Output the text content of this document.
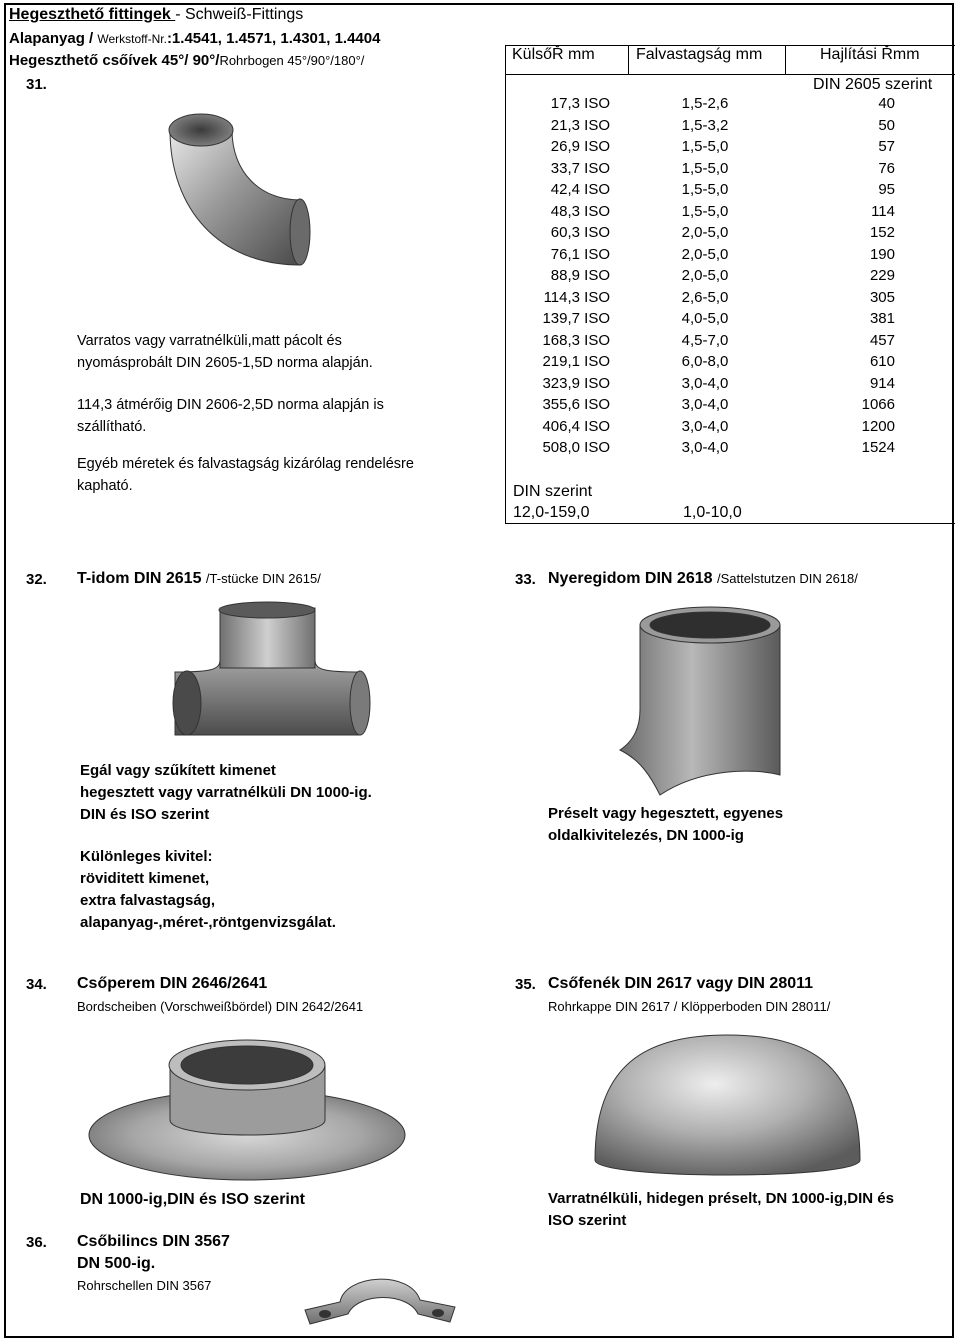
Hegeszthető fittingek - Schweiß-Fittings
Alapanyag / Werkstoff-Nr.:1.4541, 1.4571, 1.4301, 1.4404
Hegeszthető csőívek 45°/ 90°/Rohrbogen 45°/90°/180°/
31.
Varratos vagy varratnélküli,matt pácolt és
nyomásprobált DIN 2605-1,5D norma alapján.
114,3 átmérőig DIN 2606-2,5D norma alapján is
szállítható.
Egyéb méretek és falvastagság kizárólag rendelésre
kapható.
KülsőŘ mm	Falvastagság mm	Hajlítási Řmm
DIN 2605 szerint
17,3 ISO	1,5-2,6	40
21,3 ISO	1,5-3,2	50
26,9 ISO	1,5-5,0	57
33,7 ISO	1,5-5,0	76
42,4 ISO	1,5-5,0	95
48,3 ISO	1,5-5,0	114
60,3 ISO	2,0-5,0	152
76,1 ISO	2,0-5,0	190
88,9 ISO	2,0-5,0	229
114,3 ISO	2,6-5,0	305
139,7 ISO	4,0-5,0	381
168,3 ISO	4,5-7,0	457
219,1 ISO	6,0-8,0	610
323,9 ISO	3,0-4,0	914
355,6 ISO	3,0-4,0	1066
406,4 ISO	3,0-4,0	1200
508,0 ISO	3,0-4,0	1524
DIN szerint
12,0-159,0	1,0-10,0
32. T-idom DIN 2615 /T-stücke DIN 2615/
Egál vagy szűkített kimenet
hegesztett vagy varratnélküli DN 1000-ig.
DIN és ISO szerint
Különleges kivitel:
röviditett kimenet,
extra falvastagság,
alapanyag-,méret-,röntgenvizsgálat.
33. Nyeregidom DIN 2618 /Sattelstutzen DIN 2618/
Préselt vagy hegesztett, egyenes
oldalkivitelezés, DN 1000-ig
34. Csőperem DIN 2646/2641
Bordscheiben (Vorschweißbördel) DIN 2642/2641
DN 1000-ig,DIN és ISO szerint
35. Csőfenék DIN 2617 vagy DIN 28011
Rohrkappe DIN 2617 / Klöpperboden DIN 28011/
Varratnélküli, hidegen préselt, DN 1000-ig,DIN és
ISO szerint
36. Csőbilincs DIN 3567
DN 500-ig.
Rohrschellen DIN 3567
